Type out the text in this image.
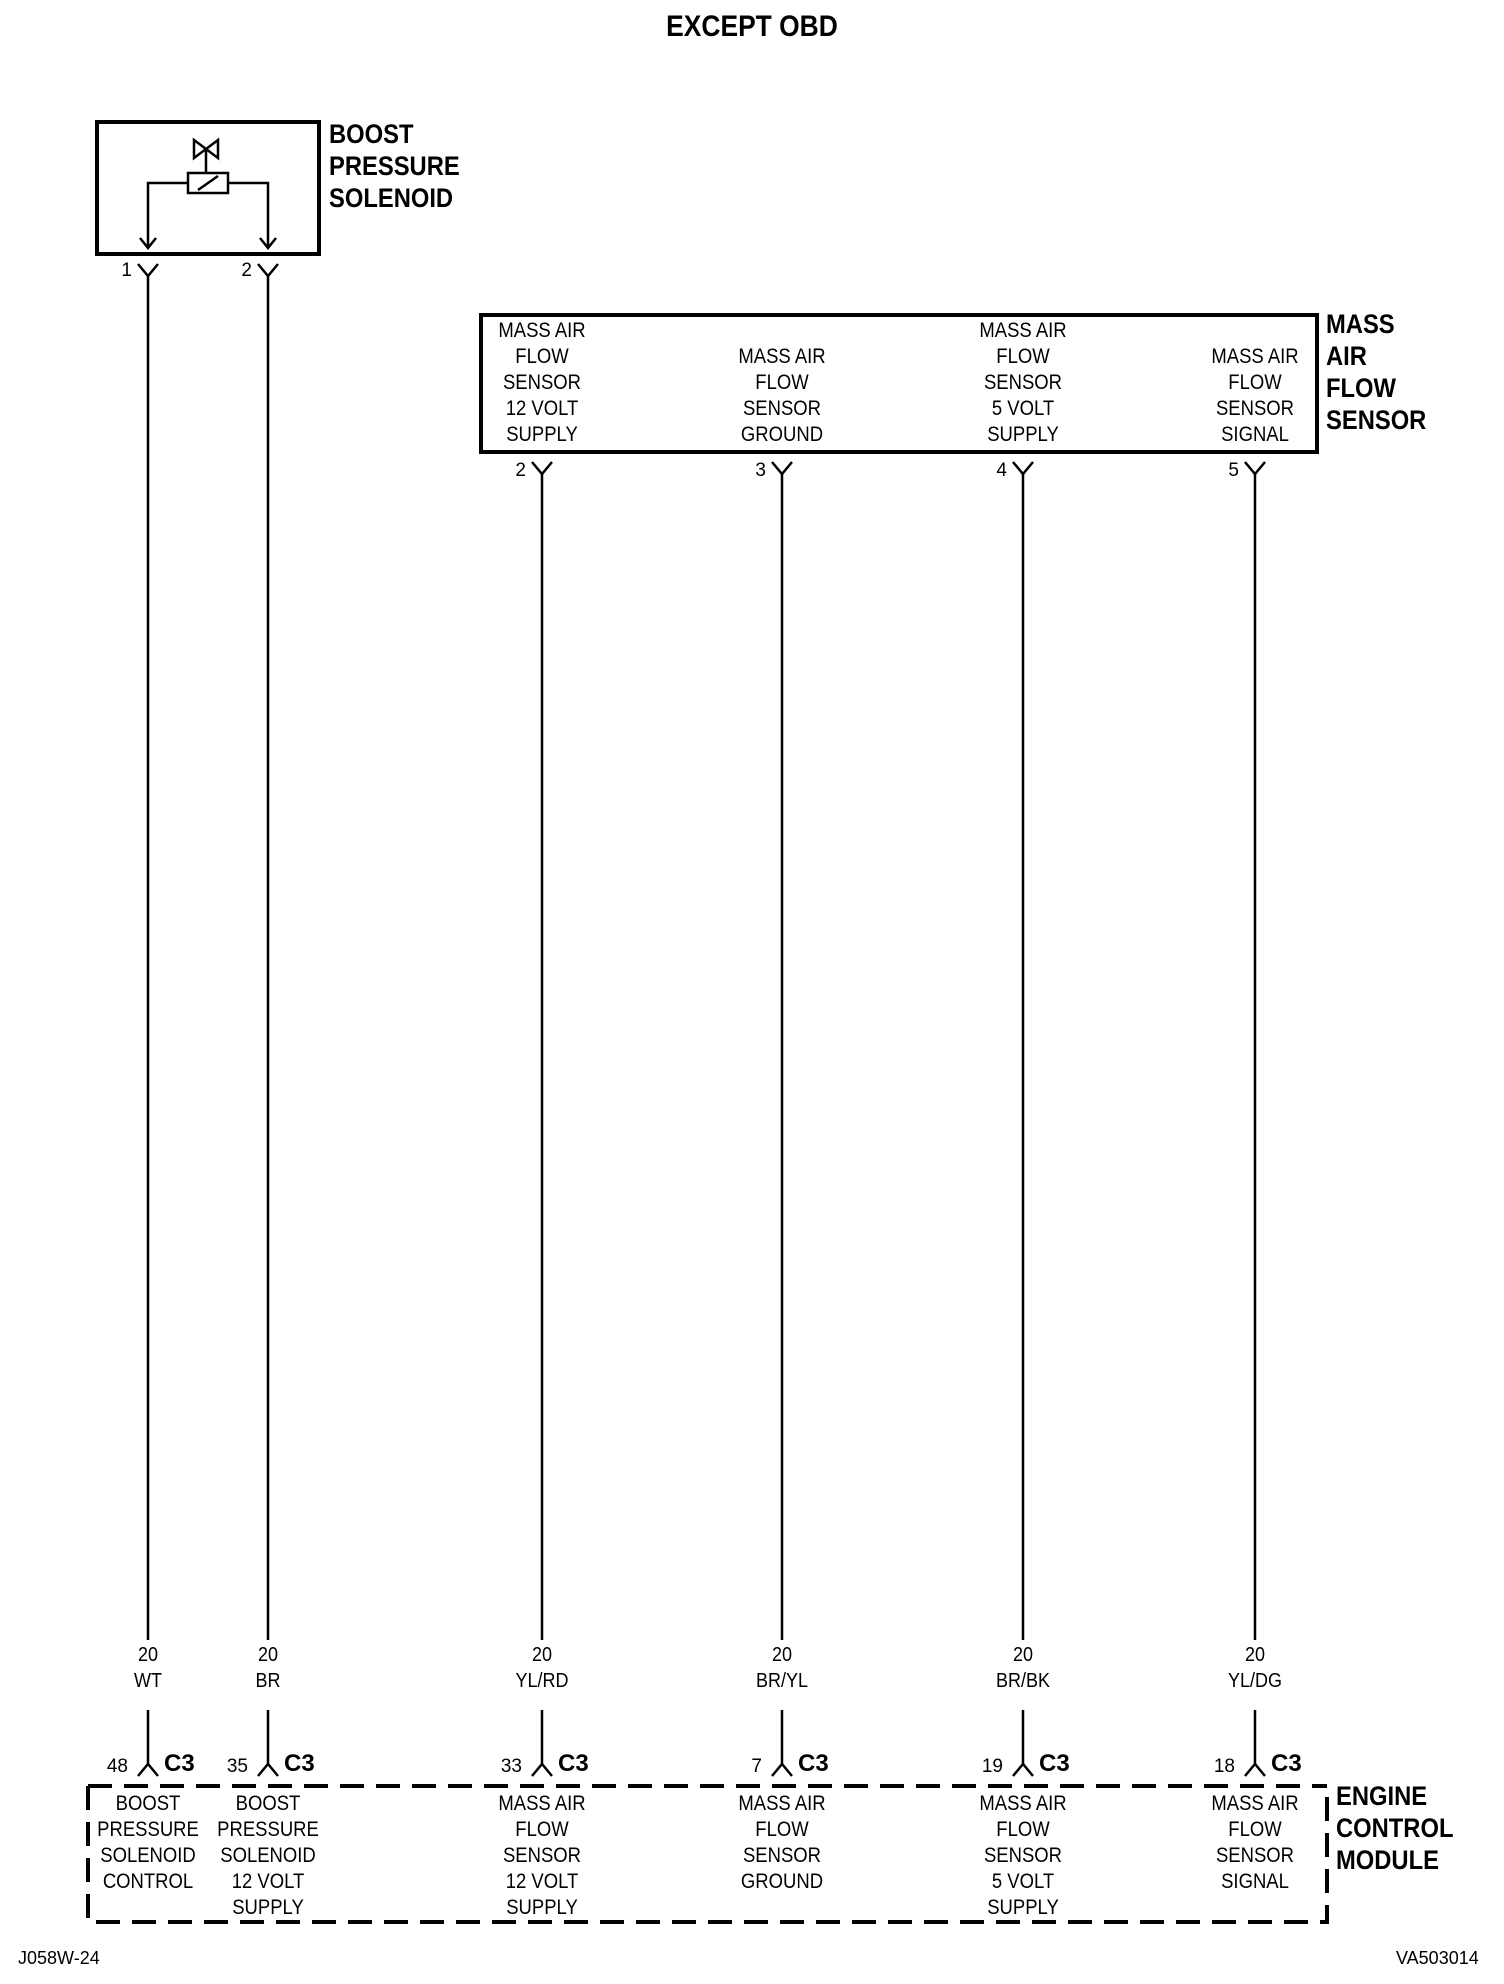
EXCEPT OBD
BOOST
PRESSURE
SOLENOID
1	2
MASS
AIR
FLOW
SENSOR
MASS AIR
FLOW
SENSOR
12 VOLT
SUPPLY
MASS AIR
FLOW
SENSOR
GROUND
MASS AIR
FLOW
SENSOR
5 VOLT
SUPPLY
MASS AIR
FLOW
SENSOR
SIGNAL
2	3	4	5
20
WT
20
BR
20
YL/RD
20
BR/YL
20
BR/BK
20
YL/DG
48 C3	35 C3	33 C3	7 C3	19 C3	18 C3
BOOST
PRESSURE
SOLENOID
CONTROL
BOOST
PRESSURE
SOLENOID
12 VOLT
SUPPLY
MASS AIR
FLOW
SENSOR
12 VOLT
SUPPLY
MASS AIR
FLOW
SENSOR
GROUND
MASS AIR
FLOW
SENSOR
5 VOLT
SUPPLY
MASS AIR
FLOW
SENSOR
SIGNAL
ENGINE
CONTROL
MODULE
J058W-24	VA503014
